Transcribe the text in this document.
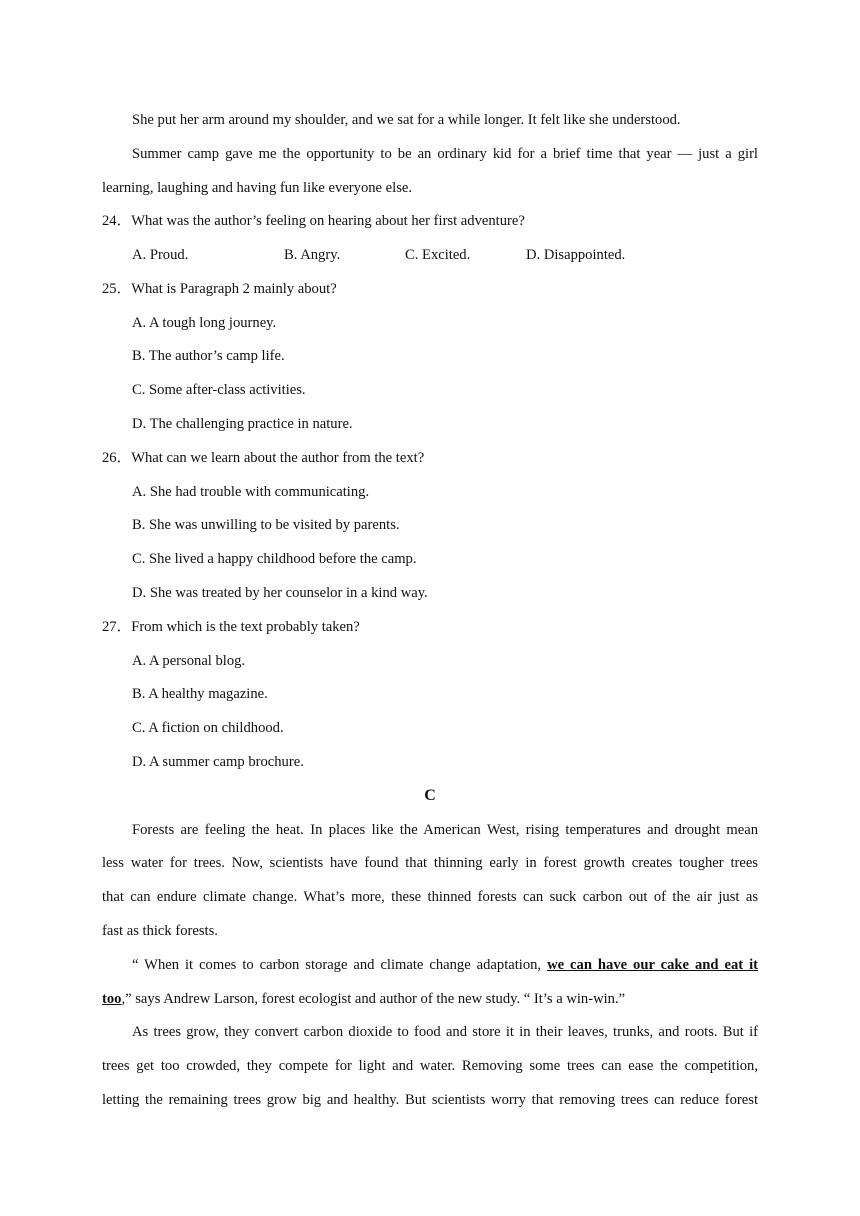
She put her arm around my shoulder, and we sat for a while longer. It felt like she understood.
Summer camp gave me the opportunity to be an ordinary kid for a brief time that year — just a girl
learning, laughing and having fun like everyone else.
24．What was the author’s feeling on hearing about her first adventure?
A. Proud.	B. Angry.	C. Excited.	D. Disappointed.
25．What is Paragraph 2 mainly about?
A. A tough long journey.
B. The author’s camp life.
C. Some after-class activities.
D. The challenging practice in nature.
26．What can we learn about the author from the text?
A. She had trouble with communicating.
B. She was unwilling to be visited by parents.
C. She lived a happy childhood before the camp.
D. She was treated by her counselor in a kind way.
27．From which is the text probably taken?
A. A personal blog.
B. A healthy magazine.
C. A fiction on childhood.
D. A summer camp brochure.
C
Forests are feeling the heat. In places like the American West, rising temperatures and drought mean
less water for trees. Now, scientists have found that thinning early in forest growth creates tougher trees
that can endure climate change. What’s more, these thinned forests can suck carbon out of the air just as
fast as thick forests.
“ When it comes to carbon storage and climate change adaptation, we can have our cake and eat it
too,” says Andrew Larson, forest ecologist and author of the new study. “ It’s a win-win.”
As trees grow, they convert carbon dioxide to food and store it in their leaves, trunks, and roots. But if
trees get too crowded, they compete for light and water. Removing some trees can ease the competition,
letting the remaining trees grow big and healthy. But scientists worry that removing trees can reduce forest
